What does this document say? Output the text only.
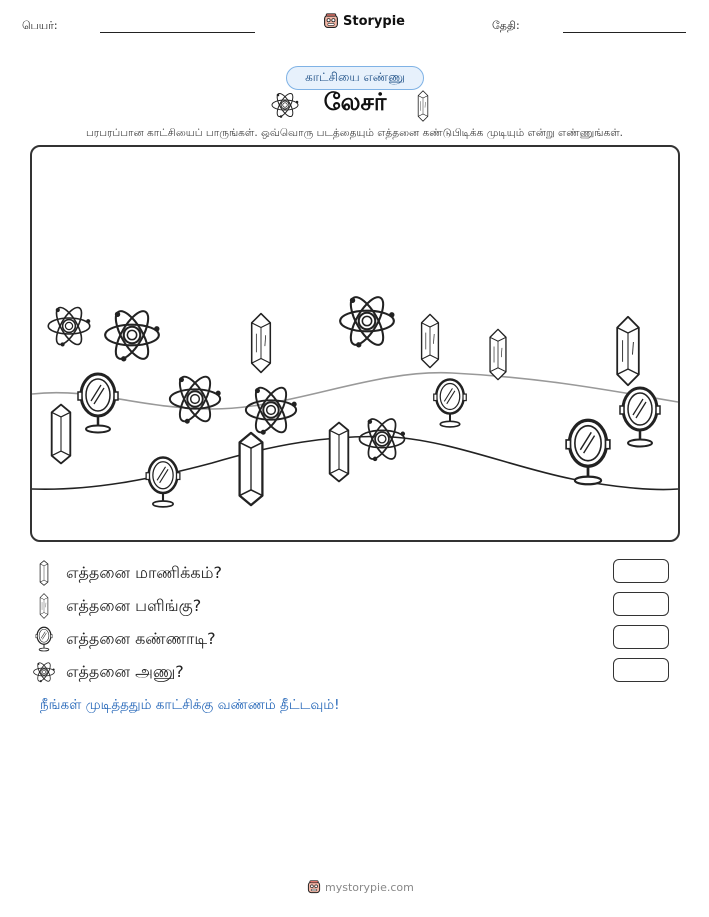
பெயர்:	Storypie	தேதி:
காட்சியை எண்ணு
லேசர்
பரபரப்பான காட்சியைப் பாருங்கள். ஒவ்வொரு படத்தையும் எத்தனை கண்டுபிடிக்க முடியும் என்று எண்ணுங்கள்.
எத்தனை மாணிக்கம்?
எத்தனை பளிங்கு?
எத்தனை கண்ணாடி?
எத்தனை அணு?
நீங்கள் முடித்ததும் காட்சிக்கு வண்ணம் தீட்டவும்!
mystorypie.com
